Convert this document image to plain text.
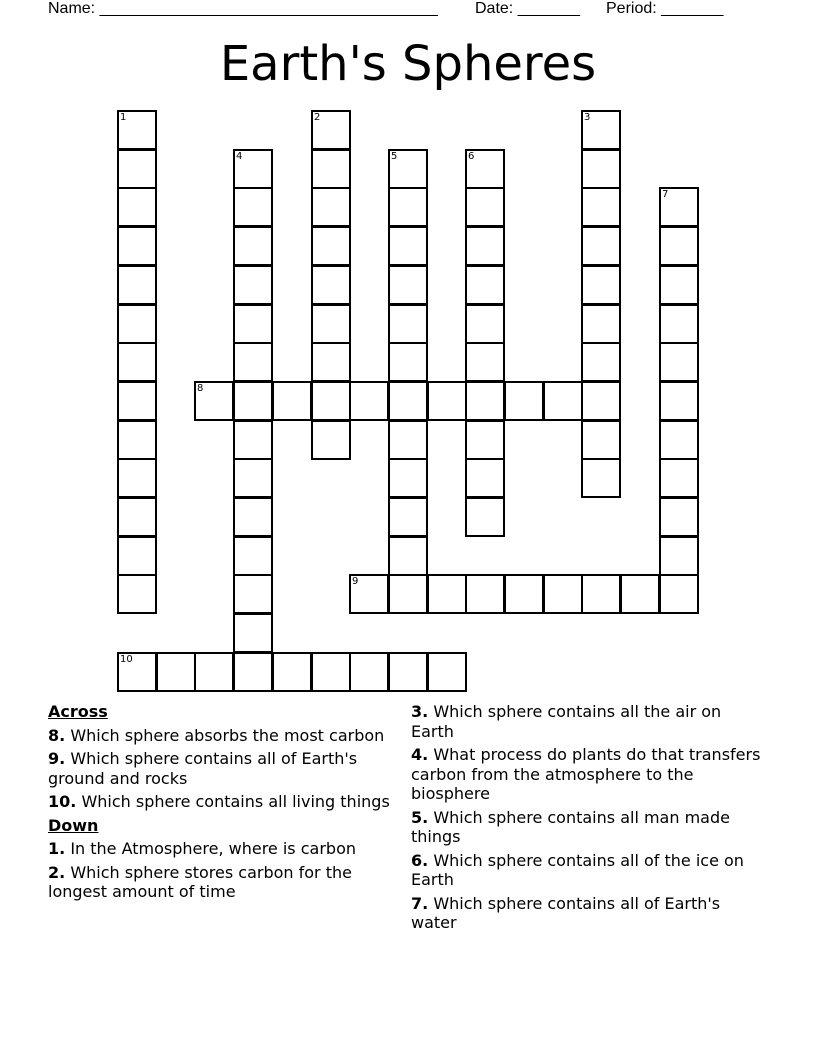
Name: ______________________________________ Date: _______ Period: _______
Earth's Spheres
1	2	3
4	5	6
7
8
9
10
Across
8. Which sphere absorbs the most carbon
9. Which sphere contains all of Earth's ground and rocks
10. Which sphere contains all living things
Down
1. In the Atmosphere, where is carbon
2. Which sphere stores carbon for the longest amount of time
3. Which sphere contains all the air on Earth
4. What process do plants do that transfers carbon from the atmosphere to the biosphere
5. Which sphere contains all man made things
6. Which sphere contains all of the ice on Earth
7. Which sphere contains all of Earth's water
